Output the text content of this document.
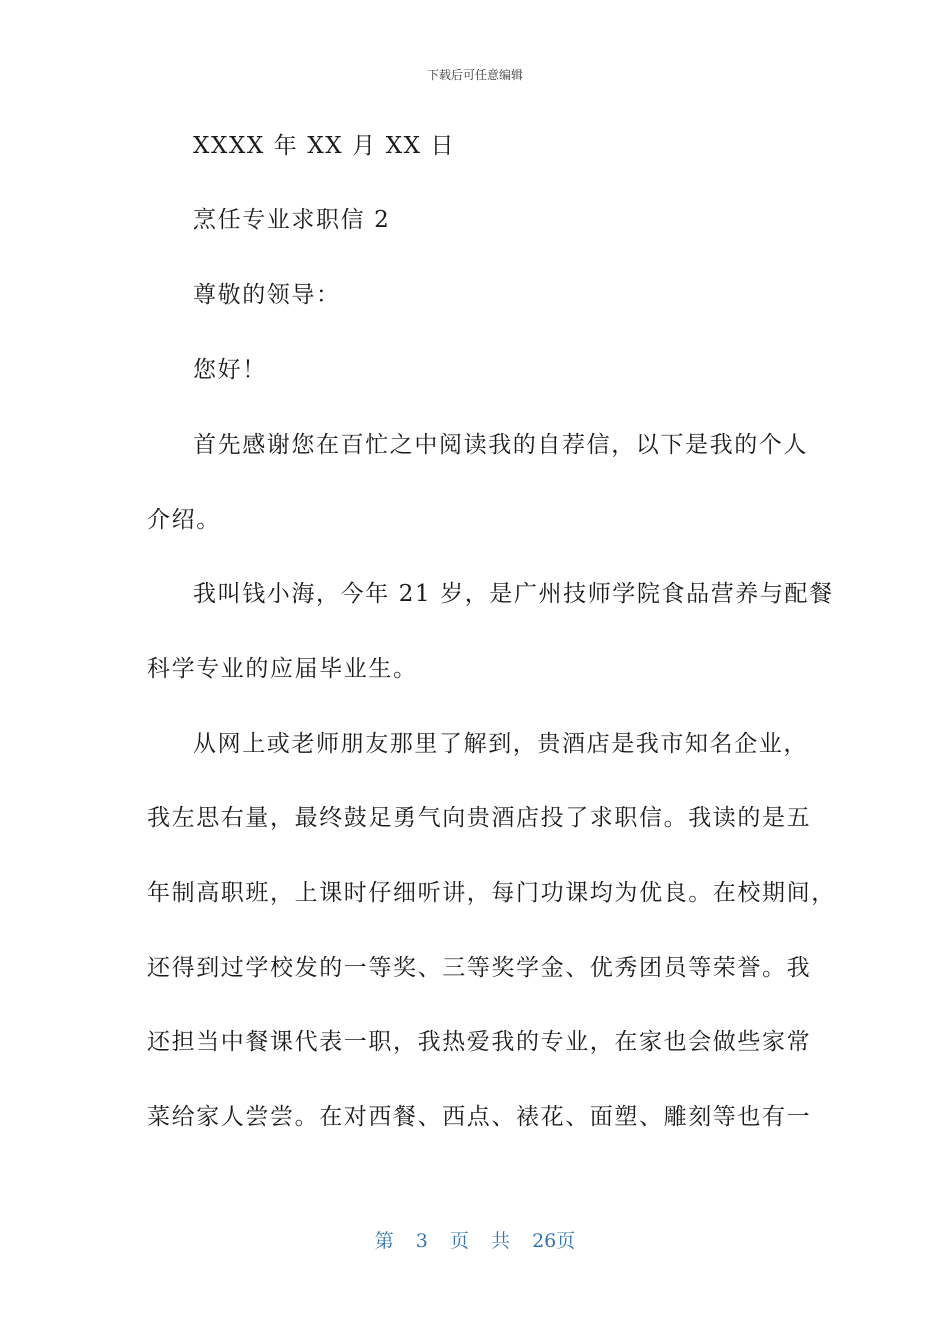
下载后可任意编辑
XXXX 年 XX 月 XX 日
烹任专业求职信 2
尊敬的领导：
您好！
首先感谢您在百忙之中阅读我的自荐信，以下是我的个人
介绍。
我叫钱小海，今年 21 岁，是广州技师学院食品营养与配餐
科学专业的应届毕业生。
从网上或老师朋友那里了解到，贵酒店是我市知名企业，
我左思右量，最终鼓足勇气向贵酒店投了求职信。我读的是五
年制高职班，上课时仔细听讲，每门功课均为优良。在校期间，
还得到过学校发的一等奖、三等奖学金、优秀团员等荣誉。我
还担当中餐课代表一职，我热爱我的专业，在家也会做些家常
菜给家人尝尝。在对西餐、西点、裱花、面塑、雕刻等也有一
第 3 页 共 26页
